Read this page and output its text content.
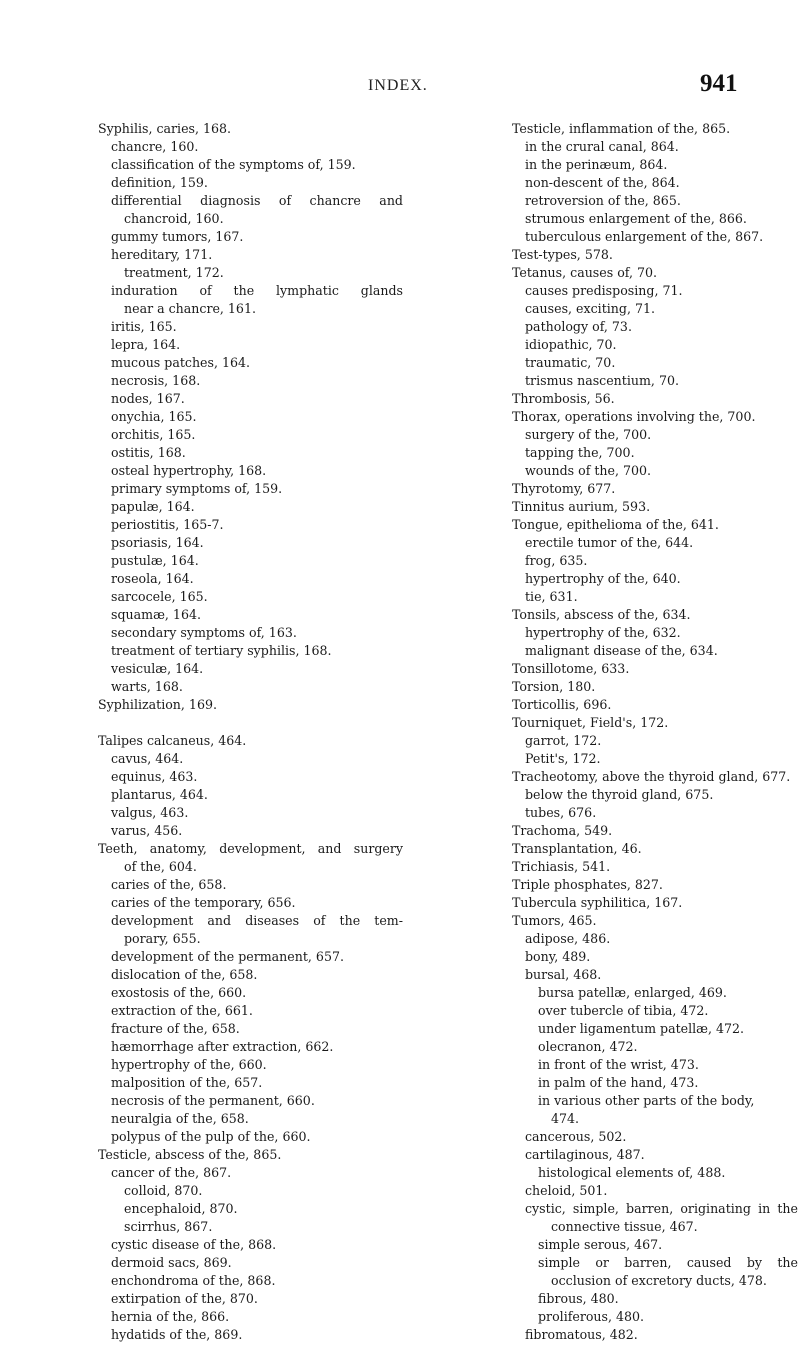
INDEX.	941
Syphilis, caries, 168.
chancre, 160.
classification of the symptoms of, 159.
definition, 159.
differential diagnosis of chancre and
chancroid, 160.
gummy tumors, 167.
hereditary, 171.
treatment, 172.
induration of the lymphatic glands
near a chancre, 161.
iritis, 165.
lepra, 164.
mucous patches, 164.
necrosis, 168.
nodes, 167.
onychia, 165.
orchitis, 165.
ostitis, 168.
osteal hypertrophy, 168.
primary symptoms of, 159.
papulæ, 164.
periostitis, 165-7.
psoriasis, 164.
pustulæ, 164.
roseola, 164.
sarcocele, 165.
squamæ, 164.
secondary symptoms of, 163.
treatment of tertiary syphilis, 168.
vesiculæ, 164.
warts, 168.
Syphilization, 169.
Talipes calcaneus, 464.
cavus, 464.
equinus, 463.
plantarus, 464.
valgus, 463.
varus, 456.
Teeth, anatomy, development, and surgery
of the, 604.
caries of the, 658.
caries of the temporary, 656.
development and diseases of the tem-
porary, 655.
development of the permanent, 657.
dislocation of the, 658.
exostosis of the, 660.
extraction of the, 661.
fracture of the, 658.
hæmorrhage after extraction, 662.
hypertrophy of the, 660.
malposition of the, 657.
necrosis of the permanent, 660.
neuralgia of the, 658.
polypus of the pulp of the, 660.
Testicle, abscess of the, 865.
cancer of the, 867.
colloid, 870.
encephaloid, 870.
scirrhus, 867.
cystic disease of the, 868.
dermoid sacs, 869.
enchondroma of the, 868.
extirpation of the, 870.
hernia of the, 866.
hydatids of the, 869.
Testicle, inflammation of the, 865.
in the crural canal, 864.
in the perinæum, 864.
non-descent of the, 864.
retroversion of the, 865.
strumous enlargement of the, 866.
tuberculous enlargement of the, 867.
Test-types, 578.
Tetanus, causes of, 70.
causes predisposing, 71.
causes, exciting, 71.
pathology of, 73.
idiopathic, 70.
traumatic, 70.
trismus nascentium, 70.
Thrombosis, 56.
Thorax, operations involving the, 700.
surgery of the, 700.
tapping the, 700.
wounds of the, 700.
Thyrotomy, 677.
Tinnitus aurium, 593.
Tongue, epithelioma of the, 641.
erectile tumor of the, 644.
frog, 635.
hypertrophy of the, 640.
tie, 631.
Tonsils, abscess of the, 634.
hypertrophy of the, 632.
malignant disease of the, 634.
Tonsillotome, 633.
Torsion, 180.
Torticollis, 696.
Tourniquet, Field's, 172.
garrot, 172.
Petit's, 172.
Tracheotomy, above the thyroid gland, 677.
below the thyroid gland, 675.
tubes, 676.
Trachoma, 549.
Transplantation, 46.
Trichiasis, 541.
Triple phosphates, 827.
Tubercula syphilitica, 167.
Tumors, 465.
adipose, 486.
bony, 489.
bursal, 468.
bursa patellæ, enlarged, 469.
over tubercle of tibia, 472.
under ligamentum patellæ, 472.
olecranon, 472.
in front of the wrist, 473.
in palm of the hand, 473.
in various other parts of the body,
474.
cancerous, 502.
cartilaginous, 487.
histological elements of, 488.
cheloid, 501.
cystic, simple, barren, originating in the
connective tissue, 467.
simple serous, 467.
simple or barren, caused by the
occlusion of excretory ducts, 478.
fibrous, 480.
proliferous, 480.
fibromatous, 482.
